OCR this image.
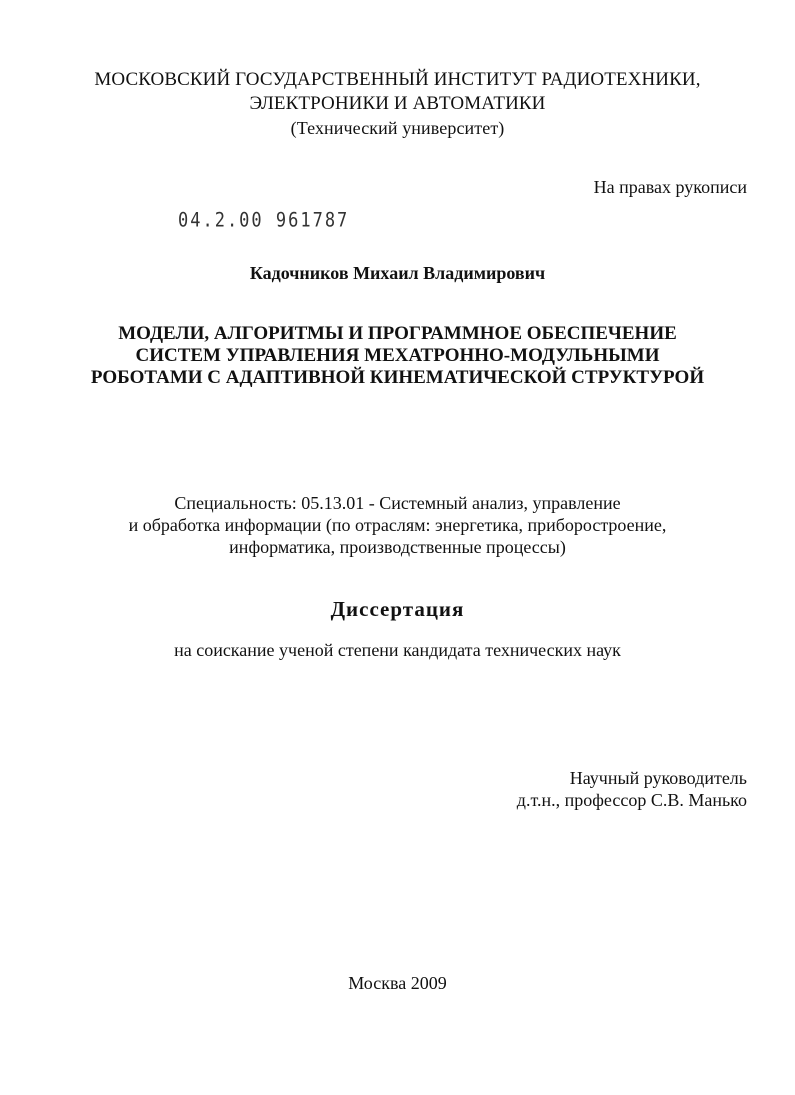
МОСКОВСКИЙ ГОСУДАРСТВЕННЫЙ ИНСТИТУТ РАДИОТЕХНИКИ,
ЭЛЕКТРОНИКИ И АВТОМАТИКИ
(Технический университет)
На правах рукописи
04.2.00 961787
Кадочников Михаил Владимирович
МОДЕЛИ, АЛГОРИТМЫ И ПРОГРАММНОЕ ОБЕСПЕЧЕНИЕ
СИСТЕМ УПРАВЛЕНИЯ МЕХАТРОННО-МОДУЛЬНЫМИ
РОБОТАМИ С АДАПТИВНОЙ КИНЕМАТИЧЕСКОЙ СТРУКТУРОЙ
Специальность: 05.13.01 - Системный анализ, управление
и обработка информации (по отраслям: энергетика, приборостроение,
информатика, производственные процессы)
Диссертация
на соискание ученой степени кандидата технических наук
Научный руководитель
д.т.н., профессор С.В. Манько
Москва 2009
